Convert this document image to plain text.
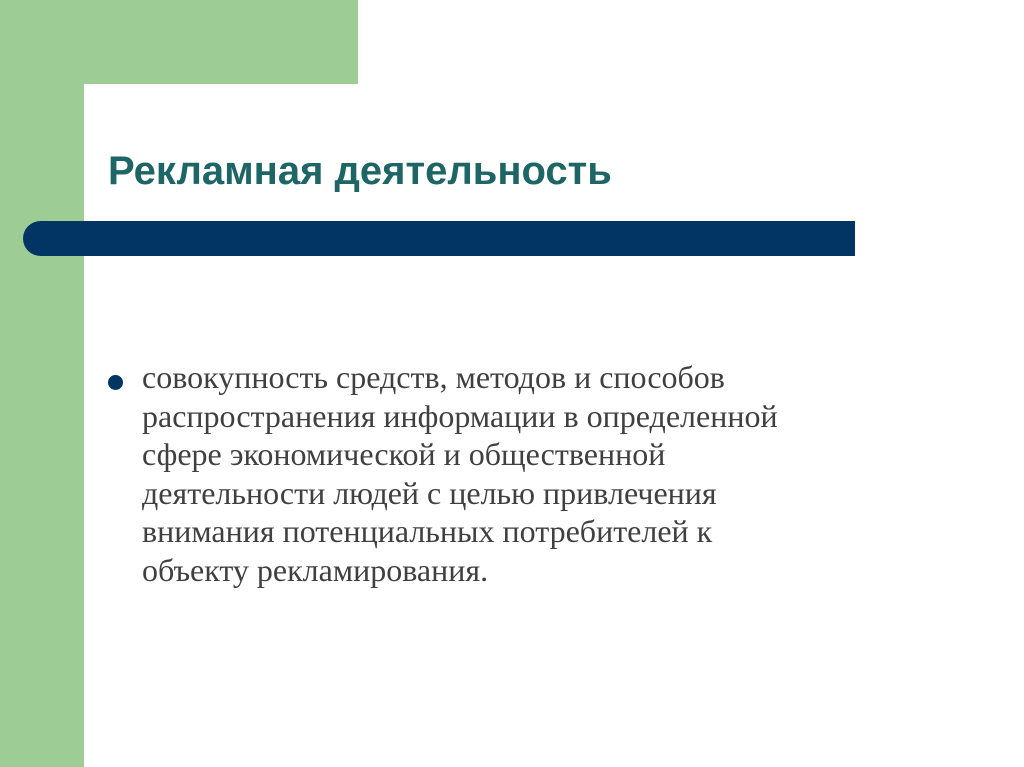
Рекламная деятельность
совокупность средств, методов и способов
распространения информации в определенной
сфере экономической и общественной
деятельности людей с целью привлечения
внимания потенциальных потребителей к
объекту рекламирования.
